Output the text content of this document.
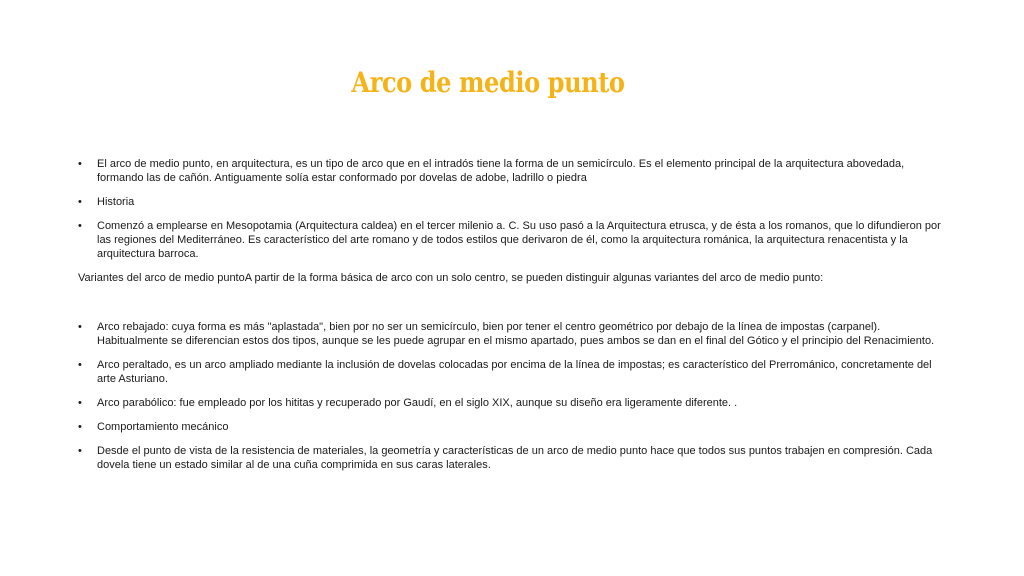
Arco de medio punto
• El arco de medio punto, en arquitectura, es un tipo de arco que en el intradós tiene la forma de un semicírculo. Es el elemento principal de la arquitectura abovedada, formando las de cañón. Antiguamente solía estar conformado por dovelas de adobe, ladrillo o piedra
• Historia
• Comenzó a emplearse en Mesopotamia (Arquitectura caldea) en el tercer milenio a. C. Su uso pasó a la Arquitectura etrusca, y de ésta a los romanos, que lo difundieron por las regiones del Mediterráneo. Es característico del arte romano y de todos estilos que derivaron de él, como la arquitectura románica, la arquitectura renacentista y la arquitectura barroca.
Variantes del arco de medio puntoA partir de la forma básica de arco con un solo centro, se pueden distinguir algunas variantes del arco de medio punto:
• Arco rebajado: cuya forma es más "aplastada", bien por no ser un semicírculo, bien por tener el centro geométrico por debajo de la línea de impostas (carpanel). Habitualmente se diferencian estos dos tipos, aunque se les puede agrupar en el mismo apartado, pues ambos se dan en el final del Gótico y el principio del Renacimiento.
• Arco peraltado, es un arco ampliado mediante la inclusión de dovelas colocadas por encima de la línea de impostas; es característico del Prerrománico, concretamente del arte Asturiano.
• Arco parabólico: fue empleado por los hititas y recuperado por Gaudí, en el siglo XIX, aunque su diseño era ligeramente diferente. .
• Comportamiento mecánico
• Desde el punto de vista de la resistencia de materiales, la geometría y características de un arco de medio punto hace que todos sus puntos trabajen en compresión. Cada dovela tiene un estado similar al de una cuña comprimida en sus caras laterales.
